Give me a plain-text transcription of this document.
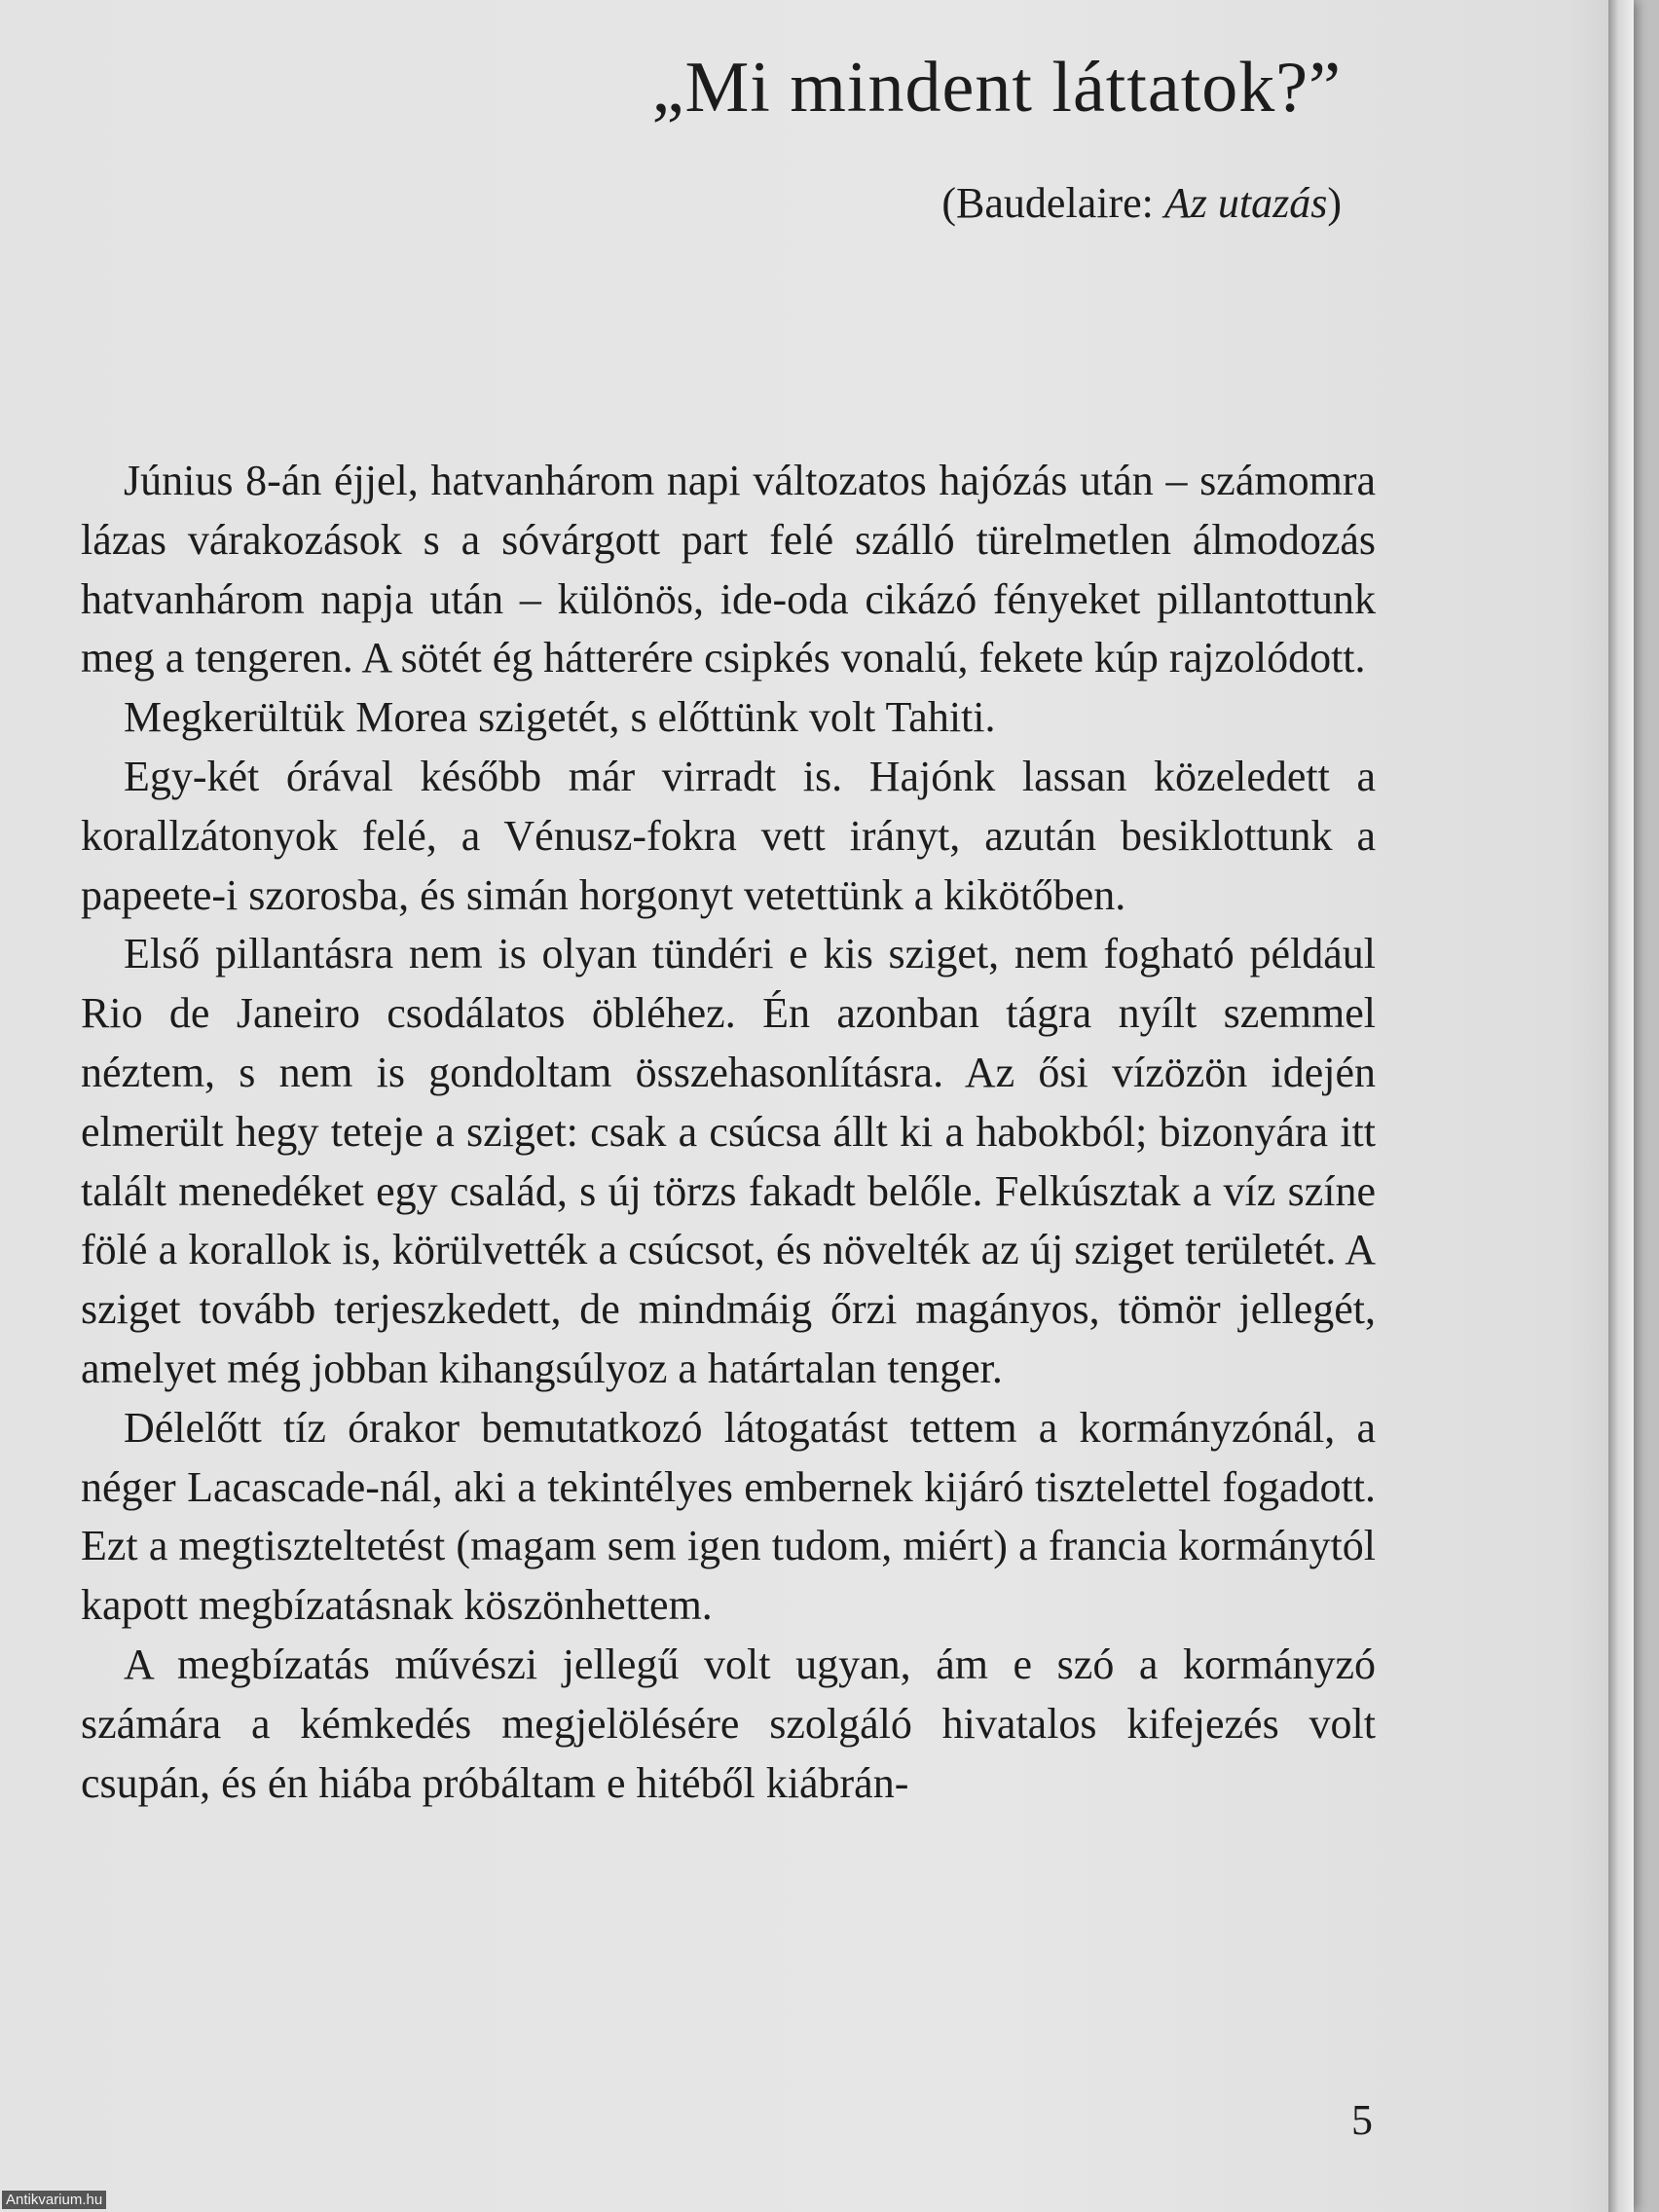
„Mi mindent láttatok?”
(Baudelaire: Az utazás)

Június 8-án éjjel, hatvanhárom napi változatos hajózás után – számomra lázas várakozások s a sóvárgott part felé szálló türelmetlen álmodozás hatvanhárom napja után – különös, ide-oda cikázó fényeket pillantottunk meg a tengeren. A sötét ég hátterére csipkés vonalú, fekete kúp rajzolódott.

Megkerültük Morea szigetét, s előttünk volt Tahiti.

Egy-két órával később már virradt is. Hajónk lassan közeledett a korallzátonyok felé, a Vénusz-fokra vett irányt, azután besiklottunk a papeete-i szorosba, és simán horgonyt vetettünk a kikötőben.

Első pillantásra nem is olyan tündéri e kis sziget, nem fogható például Rio de Janeiro csodálatos öbléhez. Én azonban tágra nyílt szemmel néztem, s nem is gondoltam összehasonlításra. Az ősi vízözön idején elmerült hegy teteje a sziget: csak a csúcsa állt ki a habokból; bizonyára itt talált menedéket egy család, s új törzs fakadt belőle. Felkúsztak a víz színe fölé a korallok is, körülvették a csúcsot, és növelték az új sziget területét. A sziget tovább terjeszkedett, de mindmáig őrzi magányos, tömör jellegét, amelyet még jobban kihangsúlyoz a határtalan tenger.

Délelőtt tíz órakor bemutatkozó látogatást tettem a kormányzónál, a néger Lacascade-nál, aki a tekintélyes embernek kijáró tisztelettel fogadott. Ezt a megtiszteltetést (magam sem igen tudom, miért) a francia kormánytól kapott megbízatásnak köszönhettem.

A megbízatás művészi jellegű volt ugyan, ám e szó a kormányzó számára a kémkedés megjelölésére szolgáló hivatalos kifejezés volt csupán, és én hiába próbáltam e hitéből kiábrán-

5
Antikvarium.hu
